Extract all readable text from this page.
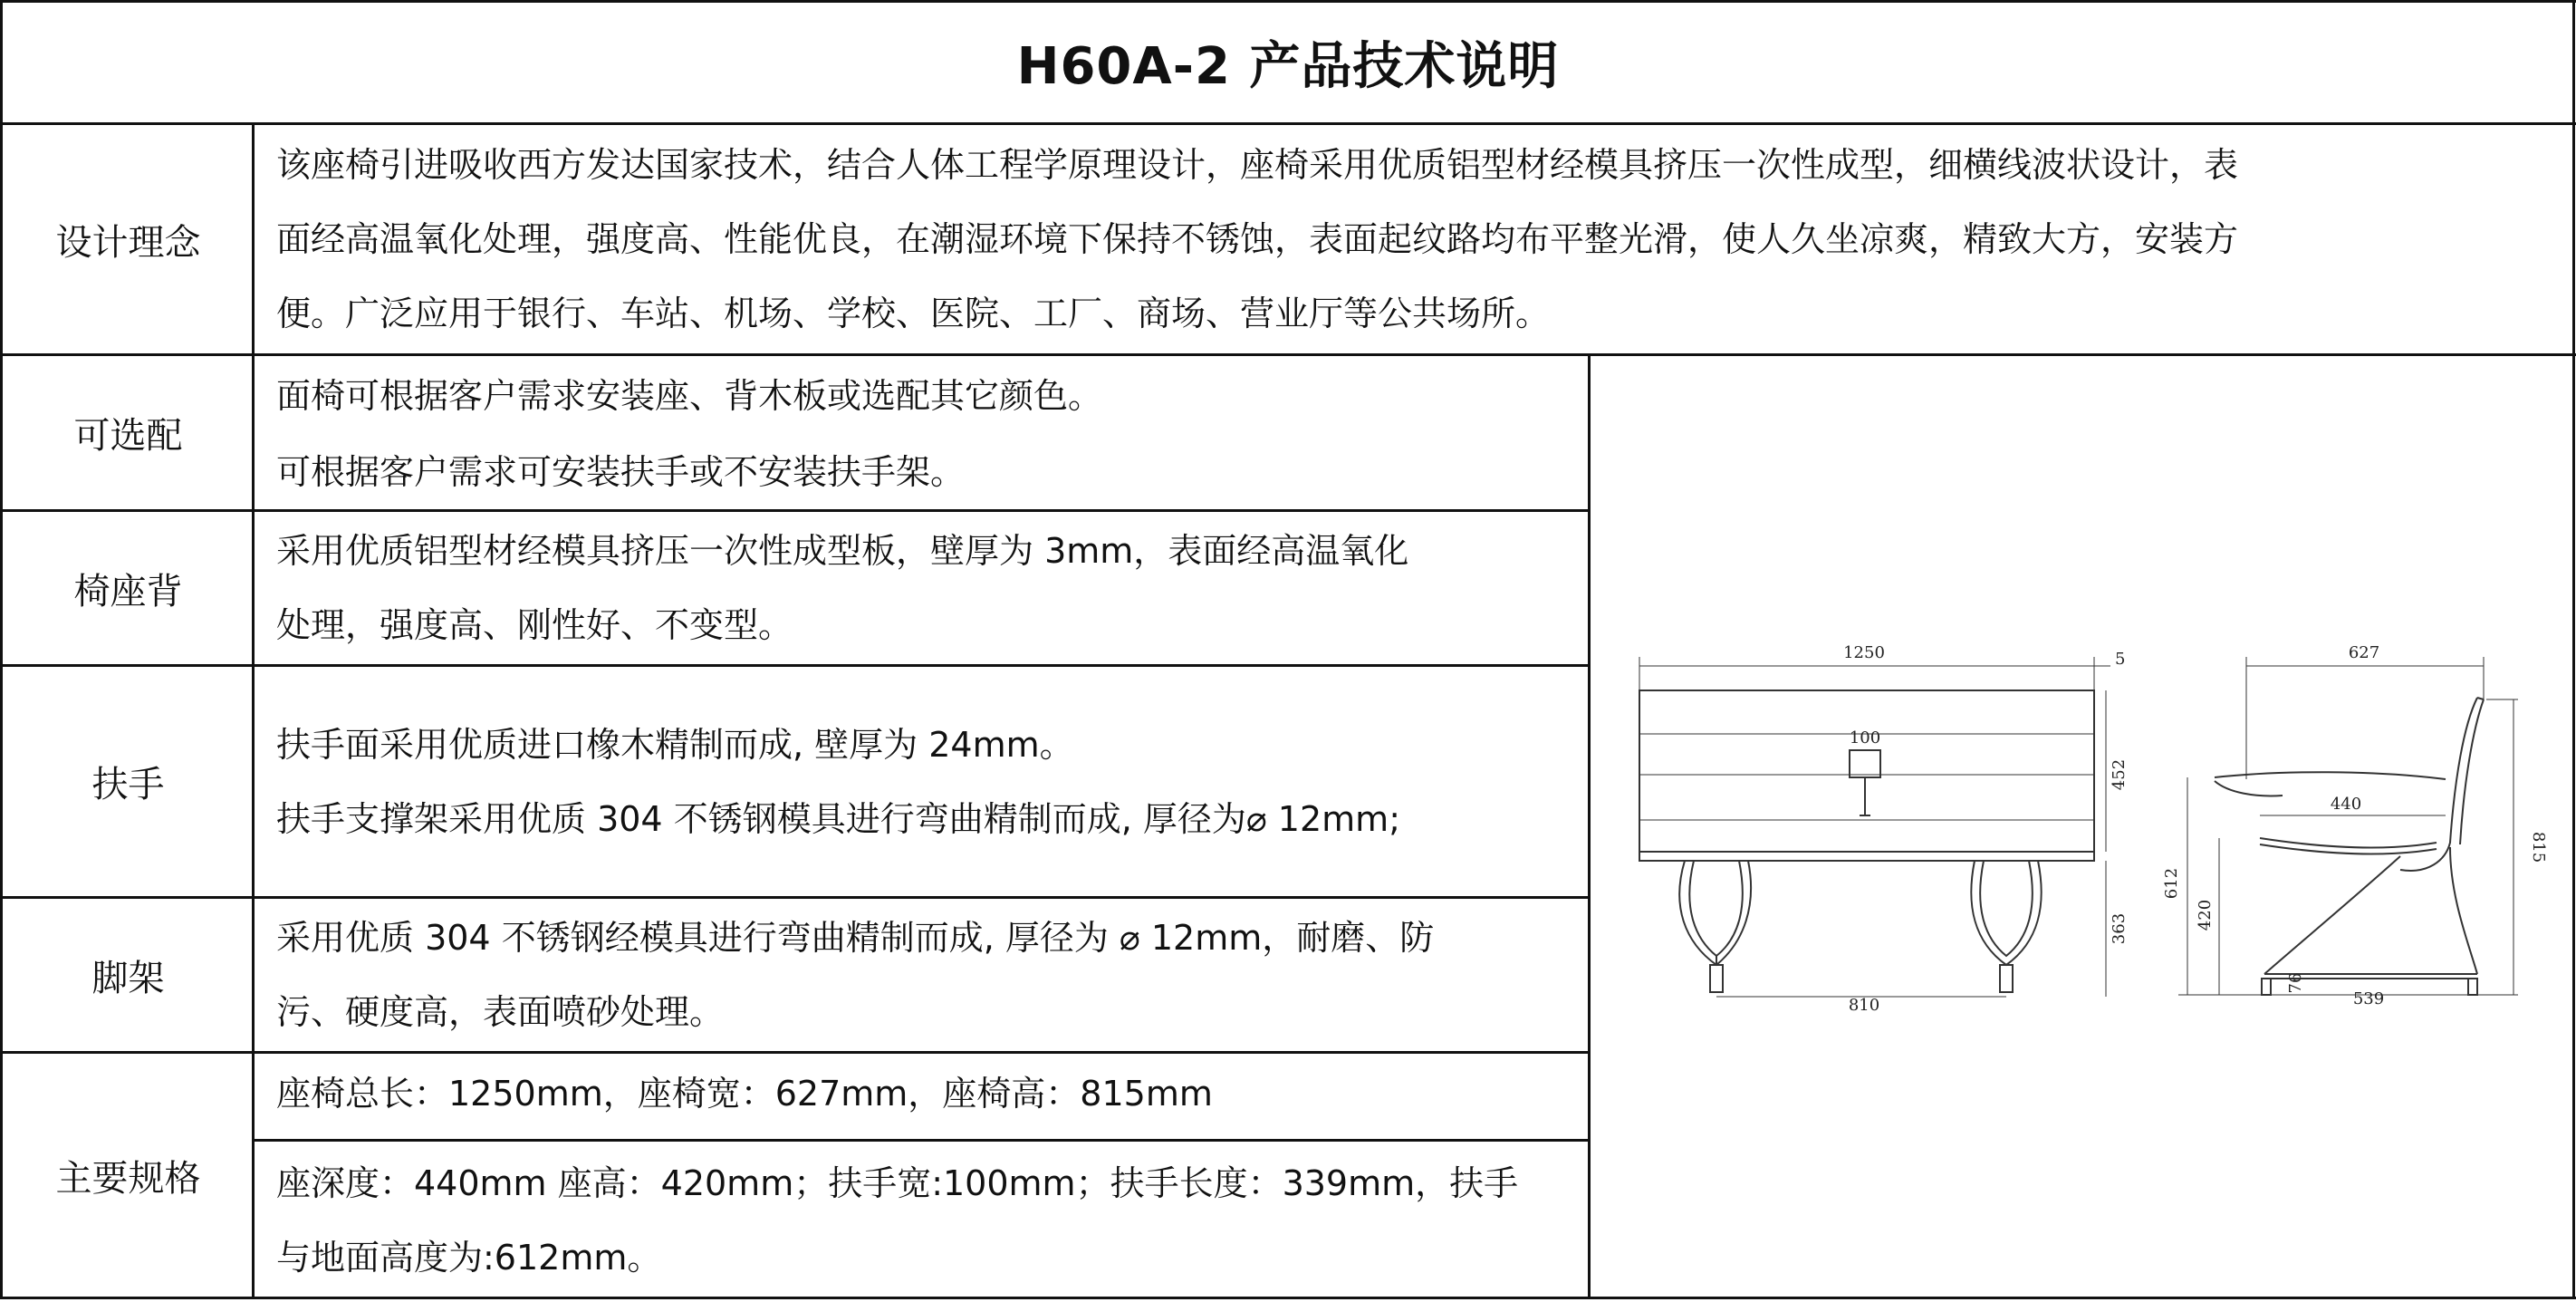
H60A-2 产品技术说明
设计理念
该座椅引进吸收西方发达国家技术，结合人体工程学原理设计，座椅采用优质铝型材经模具挤压一次性成型，细横线波状设计，表
面经高温氧化处理，强度高、性能优良，在潮湿环境下保持不锈蚀，表面起纹路均布平整光滑，使人久坐凉爽，精致大方，安装方
便。广泛应用于银行、车站、机场、学校、医院、工厂、商场、营业厅等公共场所。
可选配
面椅可根据客户需求安装座、背木板或选配其它颜色。
可根据客户需求可安装扶手或不安装扶手架。
椅座背
采用优质铝型材经模具挤压一次性成型板，壁厚为 3mm，表面经高温氧化
处理，强度高、刚性好、不变型。
扶手
扶手面采用优质进口橡木精制而成, 壁厚为 24mm。
扶手支撑架采用优质 304 不锈钢模具进行弯曲精制而成, 厚径为⌀ 12mm;
脚架
采用优质 304 不锈钢经模具进行弯曲精制而成, 厚径为 ⌀ 12mm，耐磨、防
污、硬度高，表面喷砂处理。
主要规格
座椅总长：1250mm，座椅宽：627mm，座椅高：815mm
座深度：440mm 座高：420mm；扶手宽:100mm；扶手长度：339mm，扶手
与地面高度为:612mm。
1250	5
100
452
363
810
627
440
815
612
420
76
539
